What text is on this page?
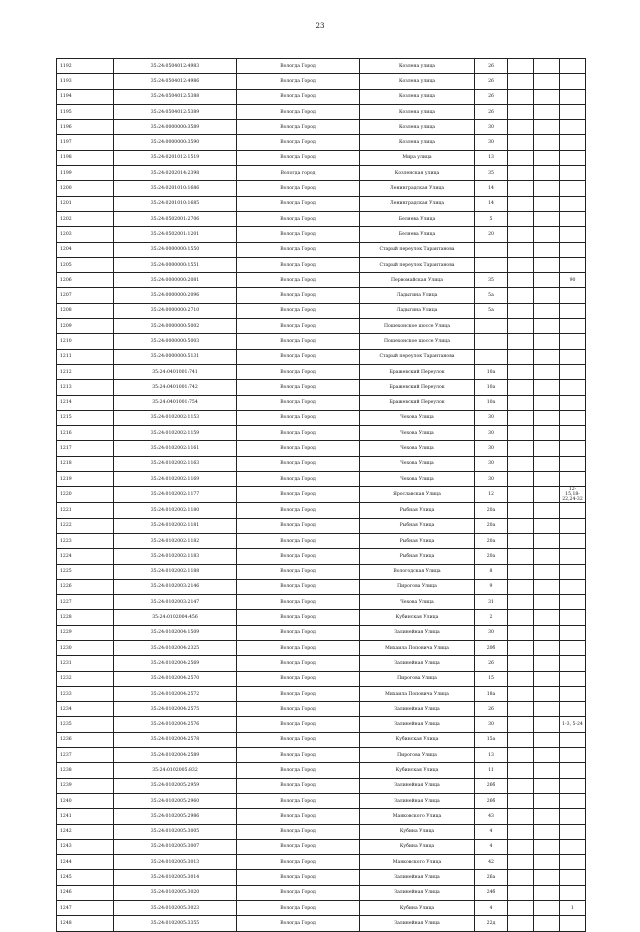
23
1192	35:24:0504012:4983	Вологда Город	Козлена улица	26			
1193	35:24:0504012:4986	Вологда Город	Козлена улица	26			
1194	35:24:0504012:5388	Вологда Город	Козлена улица	26			
1195	35:24:0504012:5389	Вологда Город	Козлена улица	26			
1196	35:24:0000000:3589	Вологда Город	Козлена улица	30			
1197	35:24:0000000:3590	Вологда Город	Козлена улица	30			
1198	35:24:0201012:1519	Вологда Город	Мира улица	13			
1199	35:24:0202014:2398	Вологда город	Козленская улица	35			
1200	35:24:0201010:1686	Вологда Город	Ленинградская Улица	14			
1201	35:24:0201010:1685	Вологда Город	Ленинградская Улица	14			
1202	35:24:0502001:2706	Вологда Город	Беляева Улица	5			
1203	35:24:0502001:1201	Вологда Город	Беляева Улица	20			
1204	35:24:0000000:1550	Вологда Город	Старый переулок Тарантанова				
1205	35:24:0000000:1551	Вологда Город	Старый переулок Тарантанова				
1206	35:24:0000000:2081	Вологда Город	Первомайская Улица	35			90
1207	35:24:0000000:2096	Вологда Город	Ладыгина Улица	5а			
1208	35:24:0000000:2710	Вологда Город	Ладыгина Улица	5а			
1209	35:24:0000000:5002	Вологда Город	Пошехонское шоссе Улица				
1210	35:24:0000000:5003	Вологда Город	Пошехонское шоссе Улица				
1211	35:24:0000000:5131	Вологда Город	Старый переулок Тарантанова				
1212	35:24:0401001:741	Вологда Город	Бражевский Переулок	10а			
1213	35:24:0401001:742	Вологда Город	Бражевский Переулок	10а			
1214	35:24:0401001:754	Вологда Город	Бражевский Переулок	10а			
1215	35:24:0102002:1153	Вологда Город	Чехова Улица	30			
1216	35:24:0102002:1159	Вологда Город	Чехова Улица	30			
1217	35:24:0102002:1161	Вологда Город	Чехова Улица	30			
1218	35:24:0102002:1163	Вологда Город	Чехова Улица	30			
1219	35:24:0102002:1169	Вологда Город	Чехова Улица	30			
1220	35:24:0102002:1177	Вологда Город	Ярославская Улица	12			12-15,18-22,24-32
1221	35:24:0102002:1180	Вологда Город	Рыбная Улица	20а			
1222	35:24:0102002:1181	Вологда Город	Рыбная Улица	20а			
1223	35:24:0102002:1182	Вологда Город	Рыбная Улица	20а			
1224	35:24:0102002:1183	Вологда Город	Рыбная Улица	20а			
1225	35:24:0102002:1188	Вологда Город	Вологодская Улица	8			
1226	35:24:0102003:2146	Вологда Город	Пирогова Улица	9			
1227	35:24:0102003:2147	Вологда Город	Чехова Улица	31			
1228	35:24:0102004:456	Вологда Город	Кубинская Улица	2			
1229	35:24:0102004:1509	Вологда Город	Залинейная Улица	30			
1230	35:24:0102004:2325	Вологда Город	Михаила Поповича Улица	20б			
1231	35:24:0102004:2569	Вологда Город	Залинейная Улица	26			
1232	35:24:0102004:2570	Вологда Город	Пирогова Улица	15			
1233	35:24:0102004:2572	Вологда Город	Михаила Поповича Улица	18а			
1234	35:24:0102004:2575	Вологда Город	Залинейная Улица	26			
1235	35:24:0102004:2576	Вологда Город	Залинейная Улица	30			1-3, 5-24
1236	35:24:0102004:2578	Вологда Город	Кубинская Улица	15а			
1237	35:24:0102004:2589	Вологда Город	Пирогова Улица	13			
1238	35:24:0102005:832	Вологда Город	Кубинская Улица	11			
1239	35:24:0102005:2959	Вологда Город	Залинейная Улица	26б			
1240	35:24:0102005:2960	Вологда Город	Залинейная Улица	26б			
1241	35:24:0102005:2986	Вологда Город	Маяковского Улица	43			
1242	35:24:0102005:3005	Вологда Город	Кубина Улица	4			
1243	35:24:0102005:3007	Вологда Город	Кубина Улица	4			
1244	35:24:0102005:3013	Вологда Город	Маяковского Улица	42			
1245	35:24:0102005:3014	Вологда Город	Залинейная Улица	26а			
1246	35:24:0102005:3020	Вологда Город	Залинейная Улица	24б			
1247	35:24:0102005:3023	Вологда Город	Кубина Улица	4			1
1248	35:24:0102005:3355	Вологда Город	Залинейная Улица	22д			
